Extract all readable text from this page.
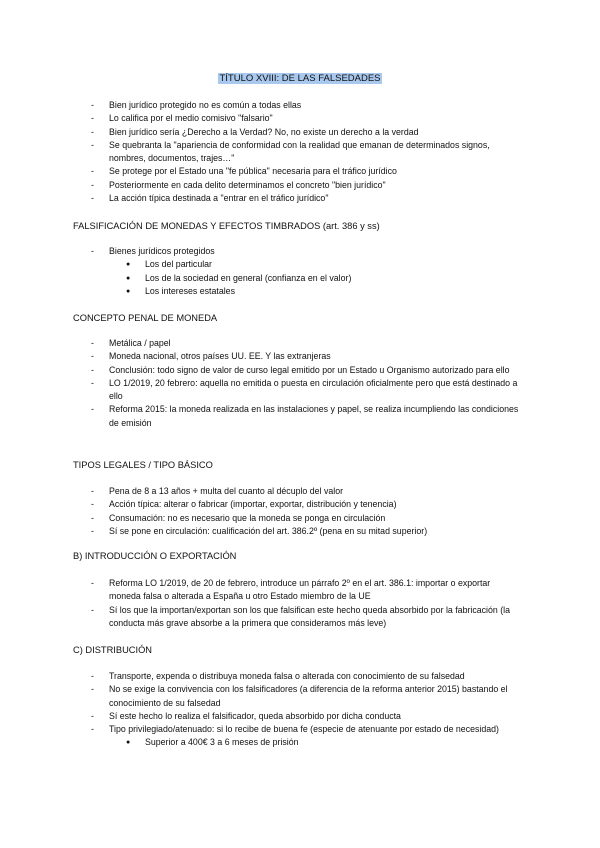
TÍTULO XVIII: DE LAS FALSEDADES
- Bien jurídico protegido no es común a todas ellas
- Lo califica por el medio comisivo "falsario"
- Bien jurídico sería ¿Derecho a la Verdad? No, no existe un derecho a la verdad
- Se quebranta la "apariencia de conformidad con la realidad que emanan de determinados signos, nombres, documentos, trajes…"
- Se protege por el Estado una "fe pública" necesaria para el tráfico jurídico
- Posteriormente en cada delito determinamos el concreto "bien jurídico"
- La acción típica destinada a "entrar en el tráfico jurídico"
FALSIFICACIÓN DE MONEDAS Y EFECTOS TIMBRADOS (art. 386 y ss)
- Bienes jurídicos protegidos
● Los del particular
● Los de la sociedad en general (confianza en el valor)
● Los intereses estatales
CONCEPTO PENAL DE MONEDA
- Metálica / papel
- Moneda nacional, otros países UU. EE. Y las extranjeras
- Conclusión: todo signo de valor de curso legal emitido por un Estado u Organismo autorizado para ello
- LO 1/2019, 20 febrero: aquella no emitida o puesta en circulación oficialmente pero que está destinado a ello
- Reforma 2015: la moneda realizada en las instalaciones y papel, se realiza incumpliendo las condiciones de emisión
TIPOS LEGALES / TIPO BÁSICO
- Pena de 8 a 13 años + multa del cuanto al décuplo del valor
- Acción típica: alterar o fabricar (importar, exportar, distribución y tenencia)
- Consumación: no es necesario que la moneda se ponga en circulación
- Sí se pone en circulación: cualificación del art. 386.2º (pena en su mitad superior)
B) INTRODUCCIÓN O EXPORTACIÓN
- Reforma LO 1/2019, de 20 de febrero, introduce un párrafo 2º en el art. 386.1: importar o exportar moneda falsa o alterada a España u otro Estado miembro de la UE
- Sí los que la importan/exportan son los que falsifican este hecho queda absorbido por la fabricación (la conducta más grave absorbe a la primera que consideramos más leve)
C) DISTRIBUCIÓN
- Transporte, expenda o distribuya moneda falsa o alterada con conocimiento de su falsedad
- No se exige la convivencia con los falsificadores (a diferencia de la reforma anterior 2015) bastando el conocimiento de su falsedad
- Sí este hecho lo realiza el falsificador, queda absorbido por dicha conducta
- Tipo privilegiado/atenuado: si lo recibe de buena fe (especie de atenuante por estado de necesidad)
● Superior a 400€ 3 a 6 meses de prisión
